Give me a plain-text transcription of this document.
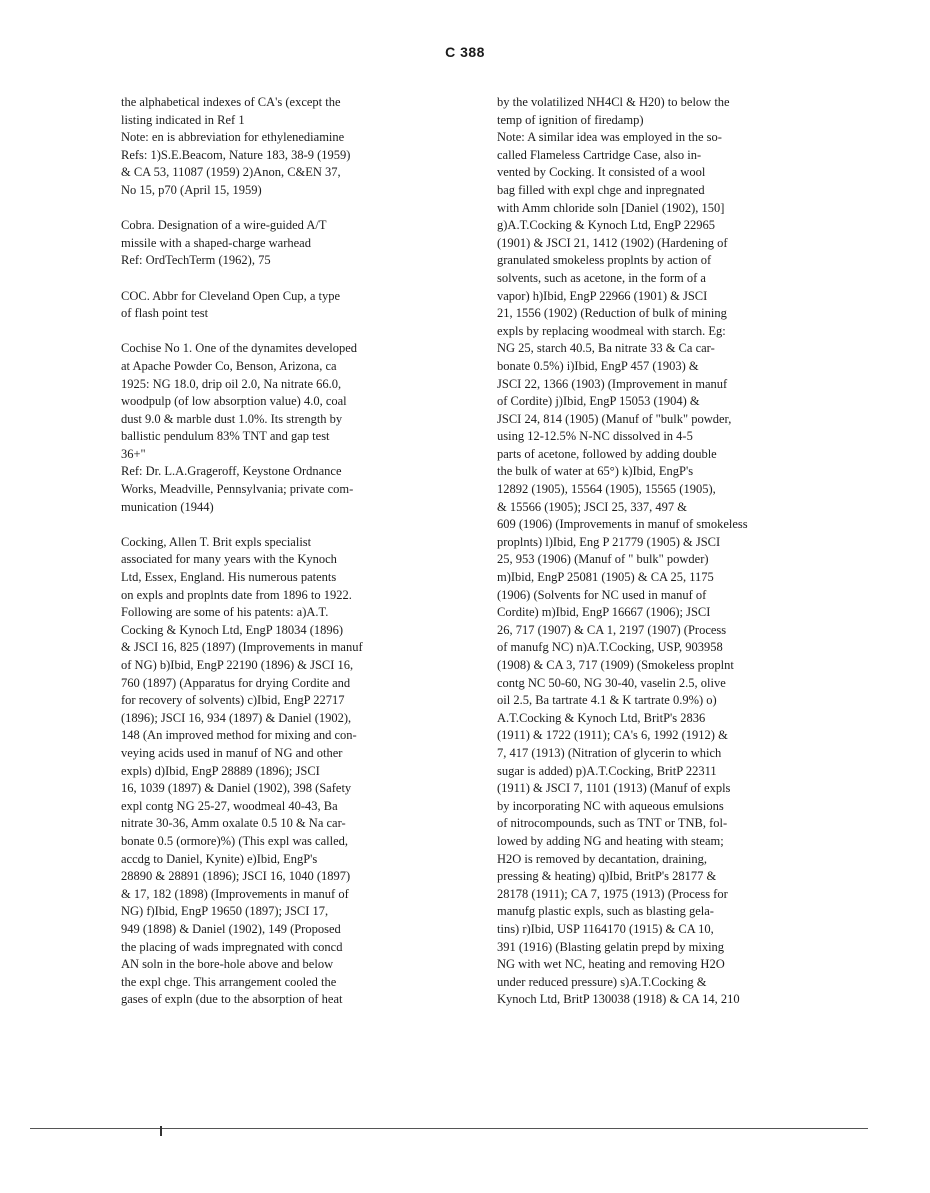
C 388
the alphabetical indexes of CA's (except the
listing indicated in Ref 1
Note: en is abbreviation for ethylenediamine
Refs: 1)S.E.Beacom, Nature 183, 38-9 (1959)
& CA 53, 11087 (1959) 2)Anon, C&EN 37,
No 15, p70 (April 15, 1959)
Cobra. Designation of a wire-guided A/T
missile with a shaped-charge warhead
Ref: OrdTechTerm (1962), 75
COC. Abbr for Cleveland Open Cup, a type
of flash point test
Cochise No 1. One of the dynamites developed
at Apache Powder Co, Benson, Arizona, ca
1925: NG 18.0, drip oil 2.0, Na nitrate 66.0,
woodpulp (of low absorption value) 4.0, coal
dust 9.0 & marble dust 1.0%. Its strength by
ballistic pendulum 83% TNT and gap test
36+"
Ref: Dr. L.A.Grageroff, Keystone Ordnance
Works, Meadville, Pennsylvania; private com-
munication (1944)
Cocking, Allen T. Brit expls specialist
associated for many years with the Kynoch
Ltd, Essex, England. His numerous patents
on expls and proplnts date from 1896 to 1922.
Following are some of his patents: a)A.T.
Cocking & Kynoch Ltd, EngP 18034 (1896)
& JSCI 16, 825 (1897) (Improvements in manuf
of NG) b)Ibid, EngP 22190 (1896) & JSCI 16,
760 (1897) (Apparatus for drying Cordite and
for recovery of solvents) c)Ibid, EngP 22717
(1896); JSCI 16, 934 (1897) & Daniel (1902),
148 (An improved method for mixing and con-
veying acids used in manuf of NG and other
expls) d)Ibid, EngP 28889 (1896); JSCI
16, 1039 (1897) & Daniel (1902), 398 (Safety
expl contg NG 25-27, woodmeal 40-43, Ba
nitrate 30-36, Amm oxalate 0.5 10 & Na car-
bonate 0.5 (ormore)%) (This expl was called,
accdg to Daniel, Kynite) e)Ibid, EngP's
28890 & 28891 (1896); JSCI 16, 1040 (1897)
& 17, 182 (1898) (Improvements in manuf of
NG) f)Ibid, EngP 19650 (1897); JSCI 17,
949 (1898) & Daniel (1902), 149 (Proposed
the placing of wads impregnated with concd
AN soln in the bore-hole above and below
the expl chge. This arrangement cooled the
gases of expln (due to the absorption of heat
by the volatilized NH4Cl & H20) to below the
temp of ignition of firedamp)
Note: A similar idea was employed in the so-
called Flameless Cartridge Case, also in-
vented by Cocking. It consisted of a wool
bag filled with expl chge and inpregnated
with Amm chloride soln [Daniel (1902), 150]
g)A.T.Cocking & Kynoch Ltd, EngP 22965
(1901) & JSCI 21, 1412 (1902) (Hardening of
granulated smokeless proplnts by action of
solvents, such as acetone, in the form of a
vapor) h)Ibid, EngP 22966 (1901) & JSCI
21, 1556 (1902) (Reduction of bulk of mining
expls by replacing woodmeal with starch. Eg:
NG 25, starch 40.5, Ba nitrate 33 & Ca car-
bonate 0.5%) i)Ibid, EngP 457 (1903) &
JSCI 22, 1366 (1903) (Improvement in manuf
of Cordite) j)Ibid, EngP 15053 (1904) &
JSCI 24, 814 (1905) (Manuf of "bulk" powder,
using 12-12.5% N-NC dissolved in 4-5
parts of acetone, followed by adding double
the bulk of water at 65°) k)Ibid, EngP's
12892 (1905), 15564 (1905), 15565 (1905),
& 15566 (1905); JSCI 25, 337, 497 &
609 (1906) (Improvements in manuf of smokeless
proplnts) l)Ibid, Eng P 21779 (1905) & JSCI
25, 953 (1906) (Manuf of " bulk" powder)
m)Ibid, EngP 25081 (1905) & CA 25, 1175
(1906) (Solvents for NC used in manuf of
Cordite) m)Ibid, EngP 16667 (1906); JSCI
26, 717 (1907) & CA 1, 2197 (1907) (Process
of manufg NC) n)A.T.Cocking, USP, 903958
(1908) & CA 3, 717 (1909) (Smokeless proplnt
contg NC 50-60, NG 30-40, vaselin 2.5, olive
oil 2.5, Ba tartrate 4.1 & K tartrate 0.9%) o)
A.T.Cocking & Kynoch Ltd, BritP's 2836
(1911) & 1722 (1911); CA's 6, 1992 (1912) &
7, 417 (1913) (Nitration of glycerin to which
sugar is added) p)A.T.Cocking, BritP 22311
(1911) & JSCI 7, 1101 (1913) (Manuf of expls
by incorporating NC with aqueous emulsions
of nitrocompounds, such as TNT or TNB, fol-
lowed by adding NG and heating with steam;
H2O is removed by decantation, draining,
pressing & heating) q)Ibid, BritP's 28177 &
28178 (1911); CA 7, 1975 (1913) (Process for
manufg plastic expls, such as blasting gela-
tins) r)Ibid, USP 1164170 (1915) & CA 10,
391 (1916) (Blasting gelatin prepd by mixing
NG with wet NC, heating and removing H2O
under reduced pressure) s)A.T.Cocking &
Kynoch Ltd, BritP 130038 (1918) & CA 14, 210
